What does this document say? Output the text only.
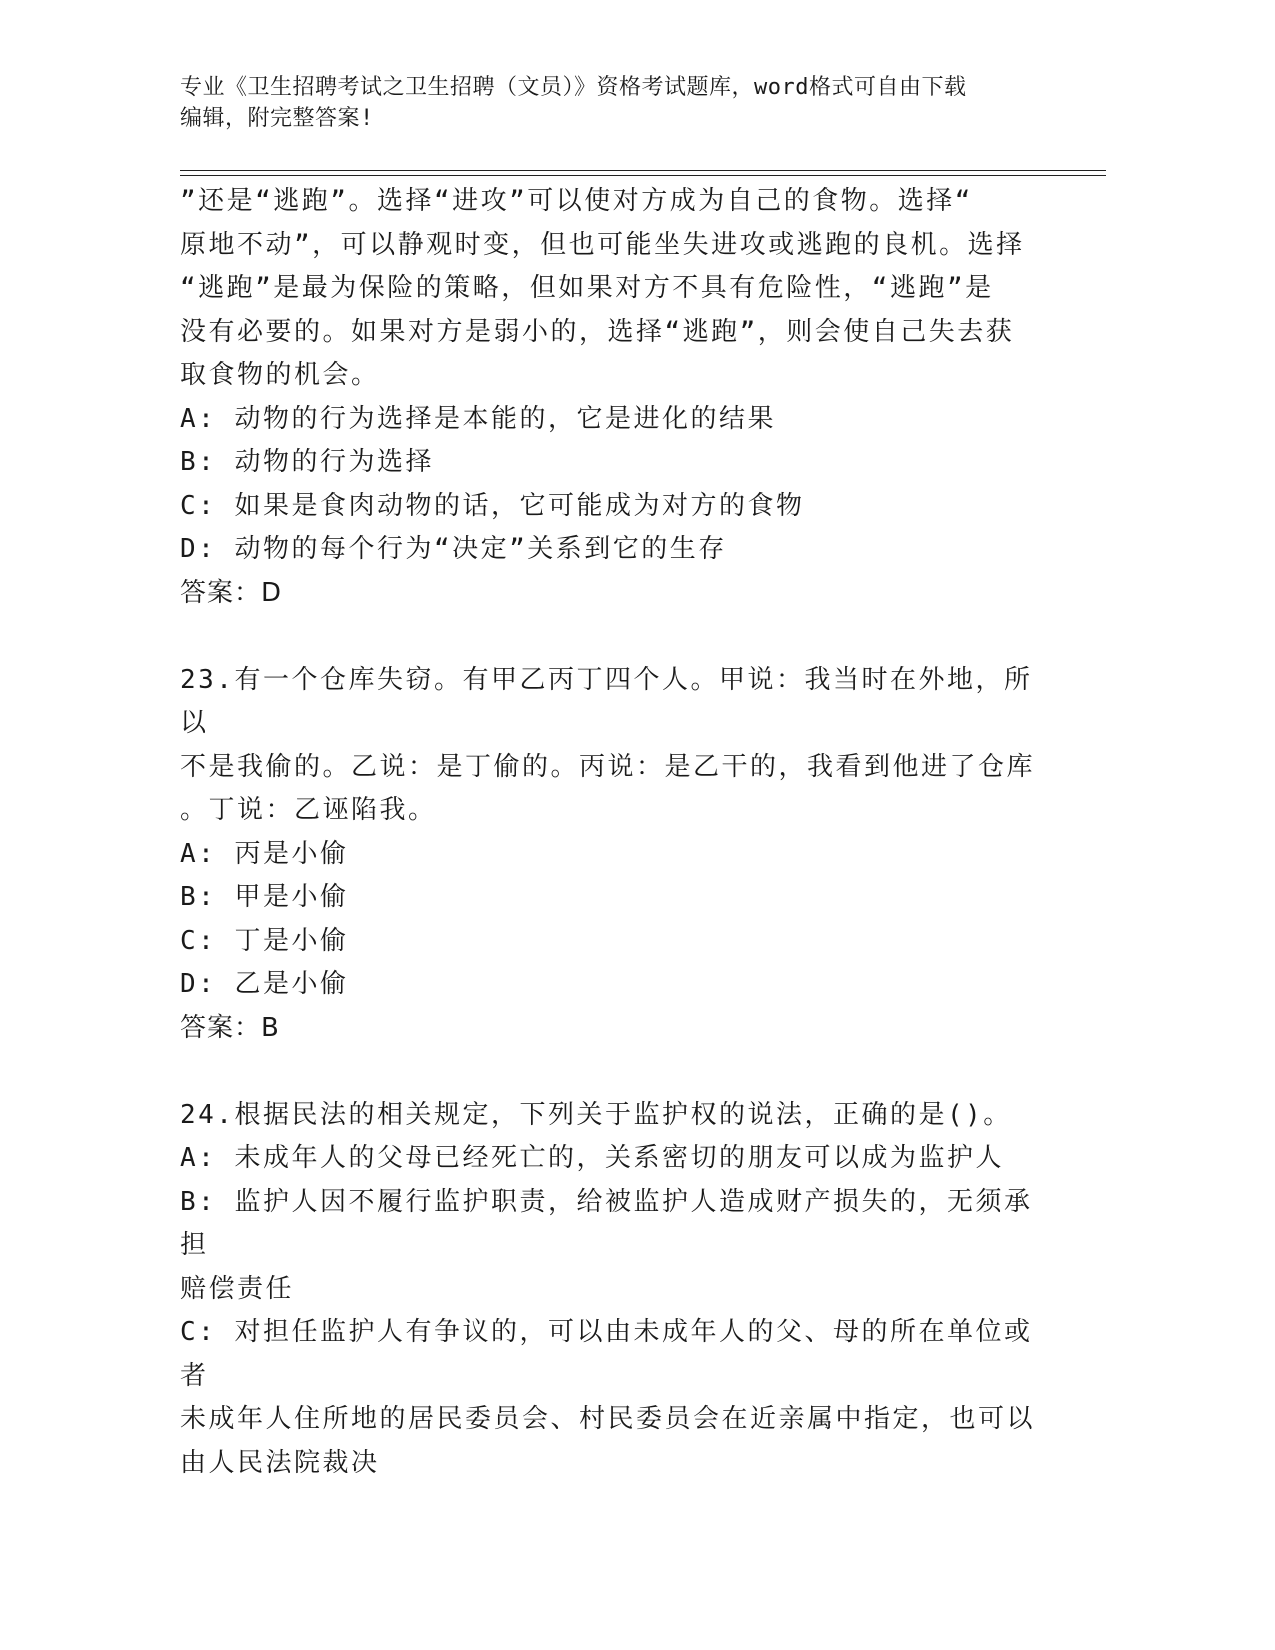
专业《卫生招聘考试之卫生招聘（文员）》资格考试题库，word格式可自由下载
编辑，附完整答案!

”还是“逃跑”。选择“进攻”可以使对方成为自己的食物。选择“

原地不动”，可以静观时变，但也可能坐失进攻或逃跑的良机。选择

“逃跑”是最为保险的策略，但如果对方不具有危险性，“逃跑”是

没有必要的。如果对方是弱小的，选择“逃跑”，则会使自己失去获

取食物的机会。

A: 动物的行为选择是本能的，它是进化的结果

B: 动物的行为选择

C: 如果是食肉动物的话，它可能成为对方的食物

D: 动物的每个行为“决定”关系到它的生存

答案：D

23.有一个仓库失窃。有甲乙丙丁四个人。甲说：我当时在外地，所以

不是我偷的。乙说：是丁偷的。丙说：是乙干的，我看到他进了仓库

。丁说：乙诬陷我。

A: 丙是小偷

B: 甲是小偷

C: 丁是小偷

D: 乙是小偷

答案：B

24.根据民法的相关规定，下列关于监护权的说法，正确的是()。

A: 未成年人的父母已经死亡的，关系密切的朋友可以成为监护人

B: 监护人因不履行监护职责，给被监护人造成财产损失的，无须承担

赔偿责任

C: 对担任监护人有争议的，可以由未成年人的父、母的所在单位或者

未成年人住所地的居民委员会、村民委员会在近亲属中指定，也可以

由人民法院裁决
